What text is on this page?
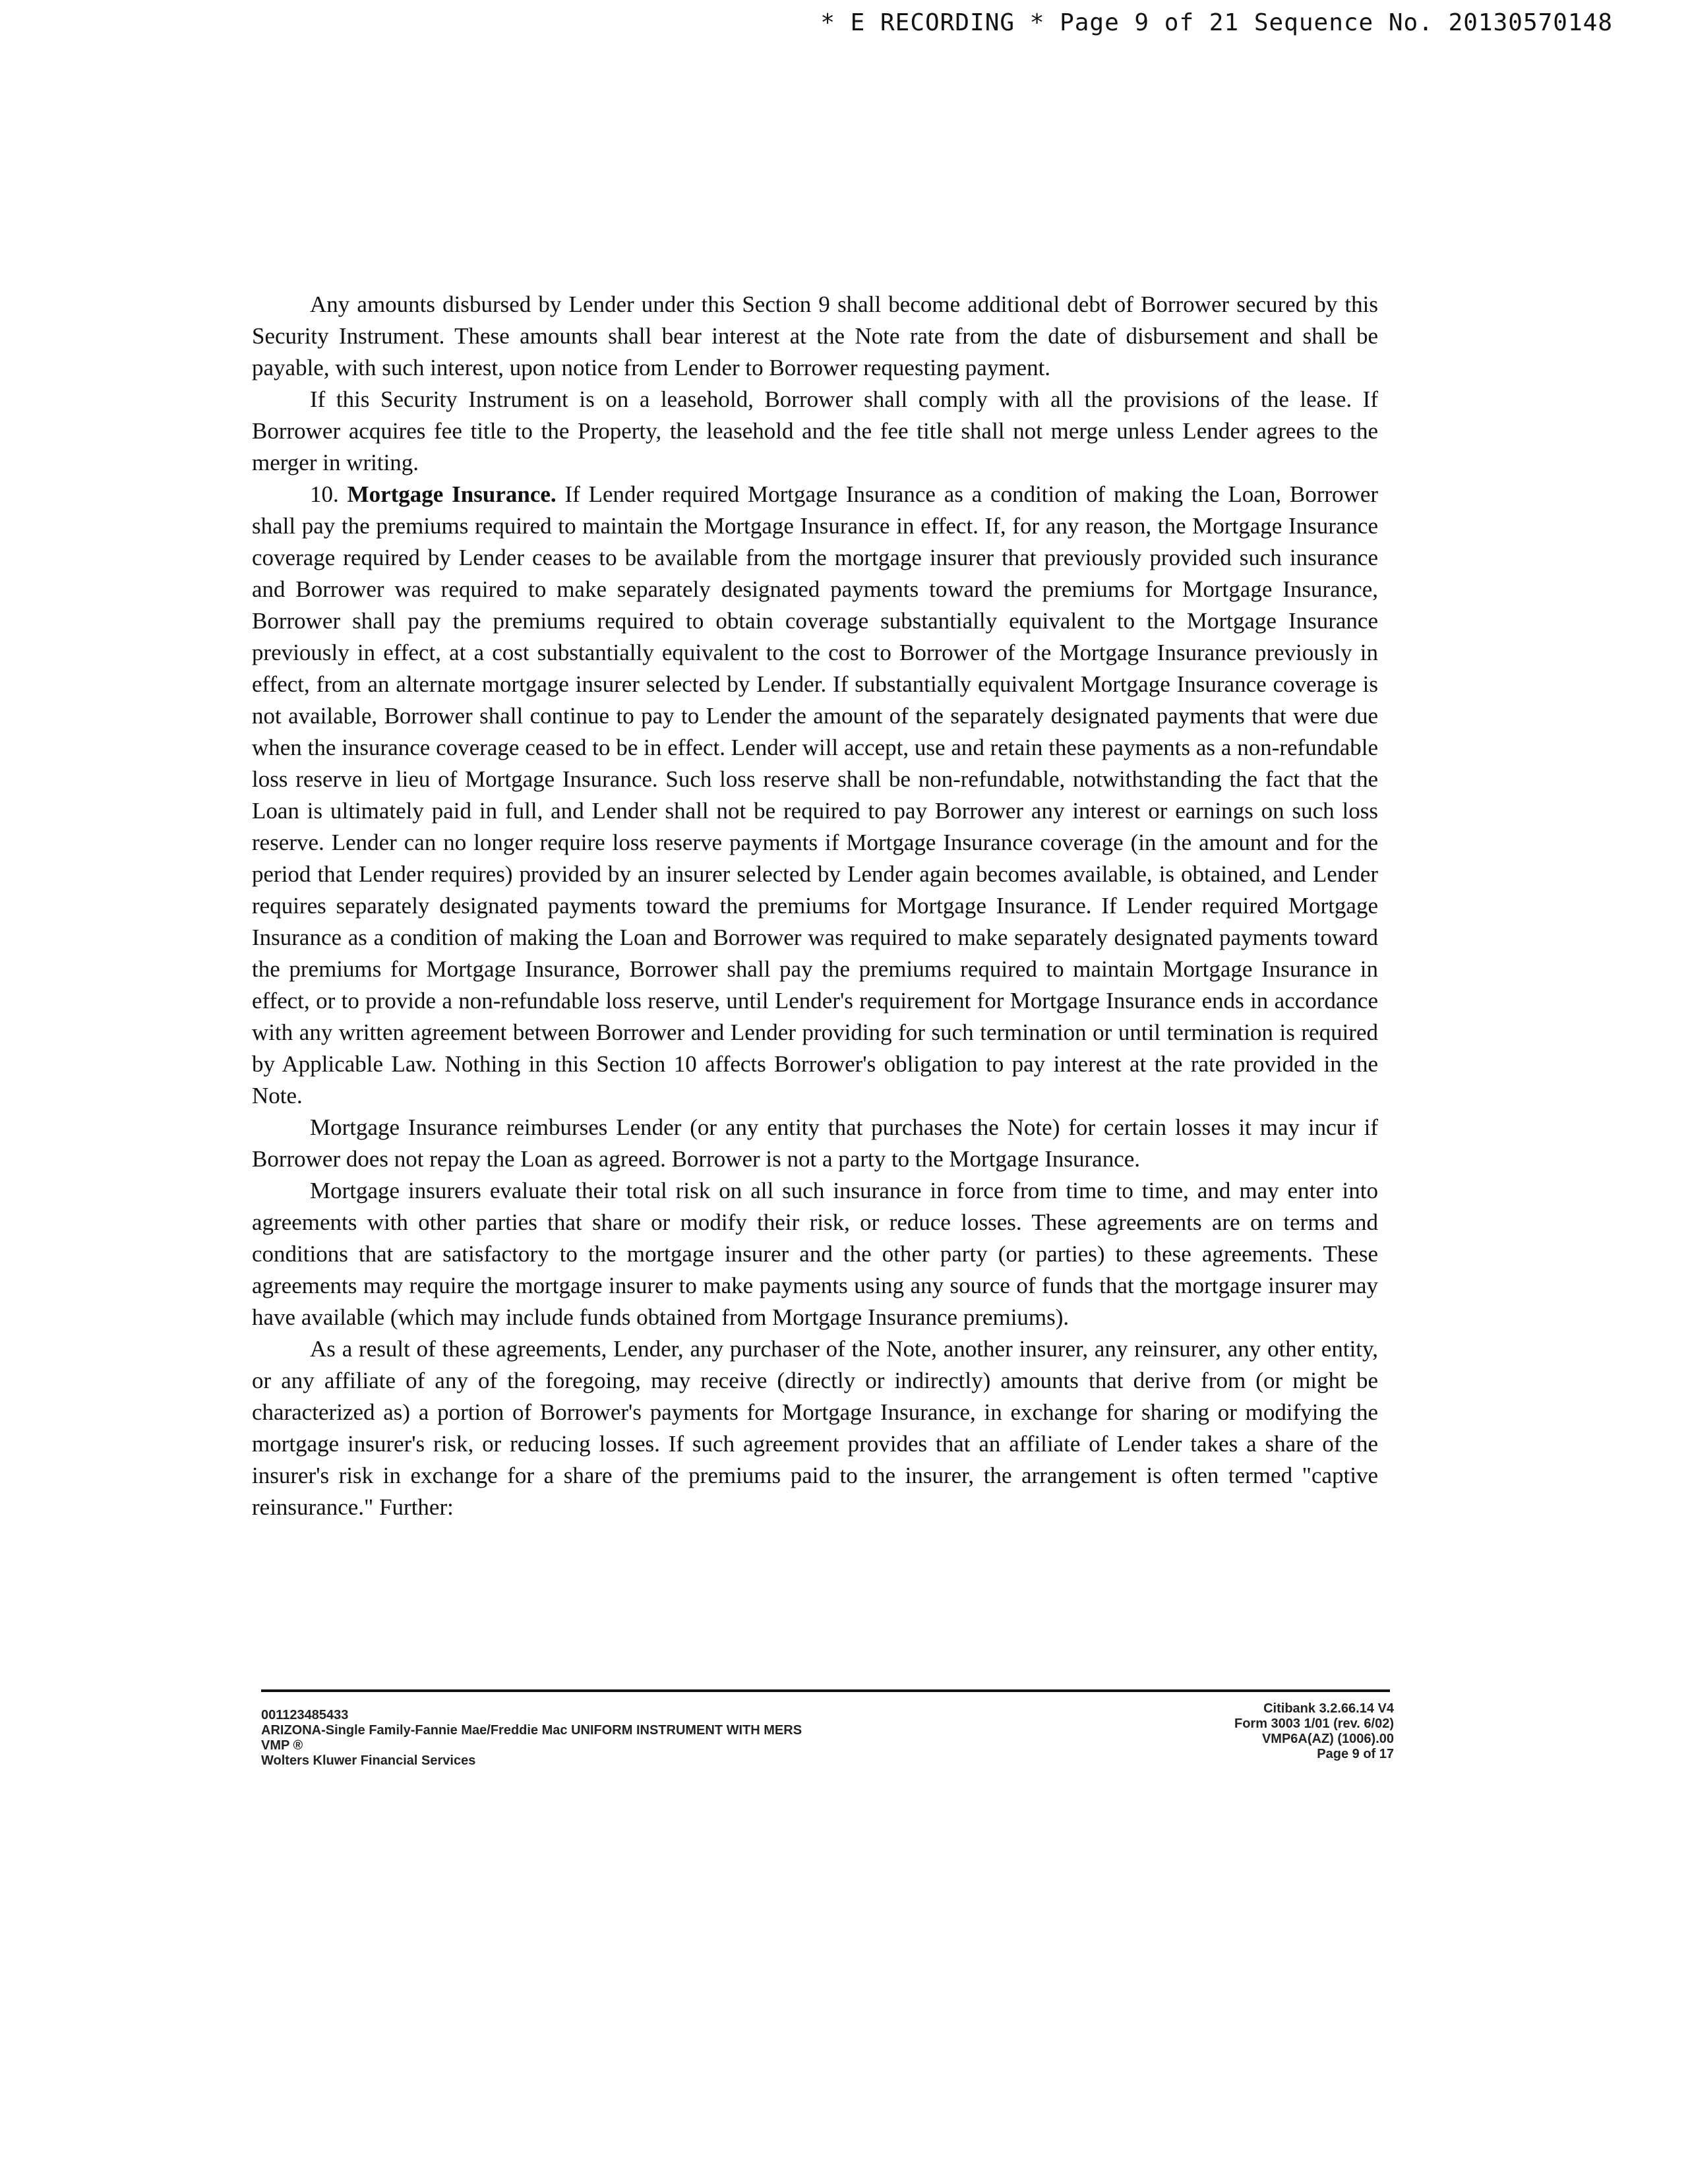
* E RECORDING * Page 9 of 21 Sequence No. 20130570148

Any amounts disbursed by Lender under this Section 9 shall become additional debt of Borrower secured by this Security Instrument. These amounts shall bear interest at the Note rate from the date of disbursement and shall be payable, with such interest, upon notice from Lender to Borrower requesting payment.

If this Security Instrument is on a leasehold, Borrower shall comply with all the provisions of the lease. If Borrower acquires fee title to the Property, the leasehold and the fee title shall not merge unless Lender agrees to the merger in writing.

10. Mortgage Insurance. If Lender required Mortgage Insurance as a condition of making the Loan, Borrower shall pay the premiums required to maintain the Mortgage Insurance in effect. If, for any reason, the Mortgage Insurance coverage required by Lender ceases to be available from the mortgage insurer that previously provided such insurance and Borrower was required to make separately designated payments toward the premiums for Mortgage Insurance, Borrower shall pay the premiums required to obtain coverage substantially equivalent to the Mortgage Insurance previously in effect, at a cost substantially equivalent to the cost to Borrower of the Mortgage Insurance previously in effect, from an alternate mortgage insurer selected by Lender. If substantially equivalent Mortgage Insurance coverage is not available, Borrower shall continue to pay to Lender the amount of the separately designated payments that were due when the insurance coverage ceased to be in effect. Lender will accept, use and retain these payments as a non-refundable loss reserve in lieu of Mortgage Insurance. Such loss reserve shall be non-refundable, notwithstanding the fact that the Loan is ultimately paid in full, and Lender shall not be required to pay Borrower any interest or earnings on such loss reserve. Lender can no longer require loss reserve payments if Mortgage Insurance coverage (in the amount and for the period that Lender requires) provided by an insurer selected by Lender again becomes available, is obtained, and Lender requires separately designated payments toward the premiums for Mortgage Insurance. If Lender required Mortgage Insurance as a condition of making the Loan and Borrower was required to make separately designated payments toward the premiums for Mortgage Insurance, Borrower shall pay the premiums required to maintain Mortgage Insurance in effect, or to provide a non-refundable loss reserve, until Lender's requirement for Mortgage Insurance ends in accordance with any written agreement between Borrower and Lender providing for such termination or until termination is required by Applicable Law. Nothing in this Section 10 affects Borrower's obligation to pay interest at the rate provided in the Note.

Mortgage Insurance reimburses Lender (or any entity that purchases the Note) for certain losses it may incur if Borrower does not repay the Loan as agreed. Borrower is not a party to the Mortgage Insurance.

Mortgage insurers evaluate their total risk on all such insurance in force from time to time, and may enter into agreements with other parties that share or modify their risk, or reduce losses. These agreements are on terms and conditions that are satisfactory to the mortgage insurer and the other party (or parties) to these agreements. These agreements may require the mortgage insurer to make payments using any source of funds that the mortgage insurer may have available (which may include funds obtained from Mortgage Insurance premiums).

As a result of these agreements, Lender, any purchaser of the Note, another insurer, any reinsurer, any other entity, or any affiliate of any of the foregoing, may receive (directly or indirectly) amounts that derive from (or might be characterized as) a portion of Borrower's payments for Mortgage Insurance, in exchange for sharing or modifying the mortgage insurer's risk, or reducing losses. If such agreement provides that an affiliate of Lender takes a share of the insurer's risk in exchange for a share of the premiums paid to the insurer, the arrangement is often termed "captive reinsurance." Further:

001123485433
ARIZONA-Single Family-Fannie Mae/Freddie Mac UNIFORM INSTRUMENT WITH MERS
VMP ®
Wolters Kluwer Financial Services
Citibank 3.2.66.14 V4
Form 3003 1/01 (rev. 6/02)
VMP6A(AZ) (1006).00
Page 9 of 17
